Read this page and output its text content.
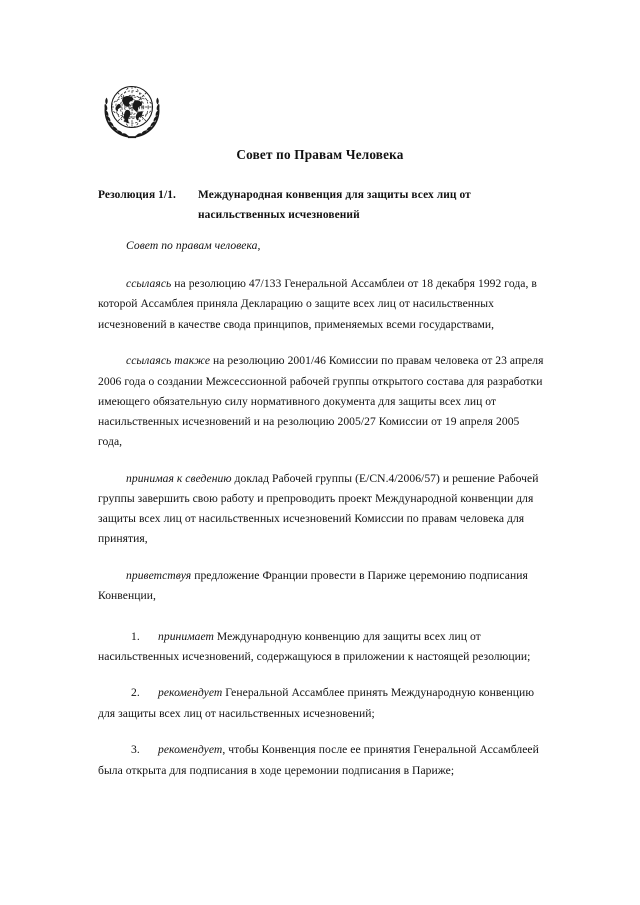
Совет по Правам Человека
Резолюция 1/1. Международная конвенция для защиты всех лиц от насильственных исчезновений

Совет по правам человека,

ссылаясь на резолюцию 47/133 Генеральной Ассамблеи от 18 декабря 1992 года, в которой Ассамблея приняла Декларацию о защите всех лиц от насильственных исчезновений в качестве свода принципов, применяемых всеми государствами,

ссылаясь также на резолюцию 2001/46 Комиссии по правам человека от 23 апреля 2006 года о создании Межсессионной рабочей группы открытого состава для разработки имеющего обязательную силу нормативного документа для защиты всех лиц от насильственных исчезновений и на резолюцию 2005/27 Комиссии от 19 апреля 2005 года,

принимая к сведению доклад Рабочей группы (E/CN.4/2006/57) и решение Рабочей группы завершить свою работу и препроводить проект Международной конвенции для защиты всех лиц от насильственных исчезновений Комиссии по правам человека для принятия,

приветствуя предложение Франции провести в Париже церемонию подписания Конвенции,

1. принимает Международную конвенцию для защиты всех лиц от насильственных исчезновений, содержащуюся в приложении к настоящей резолюции;

2. рекомендует Генеральной Ассамблее принять Международную конвенцию для защиты всех лиц от насильственных исчезновений;

3. рекомендует, чтобы Конвенция после ее принятия Генеральной Ассамблеей была открыта для подписания в ходе церемонии подписания в Париже;
